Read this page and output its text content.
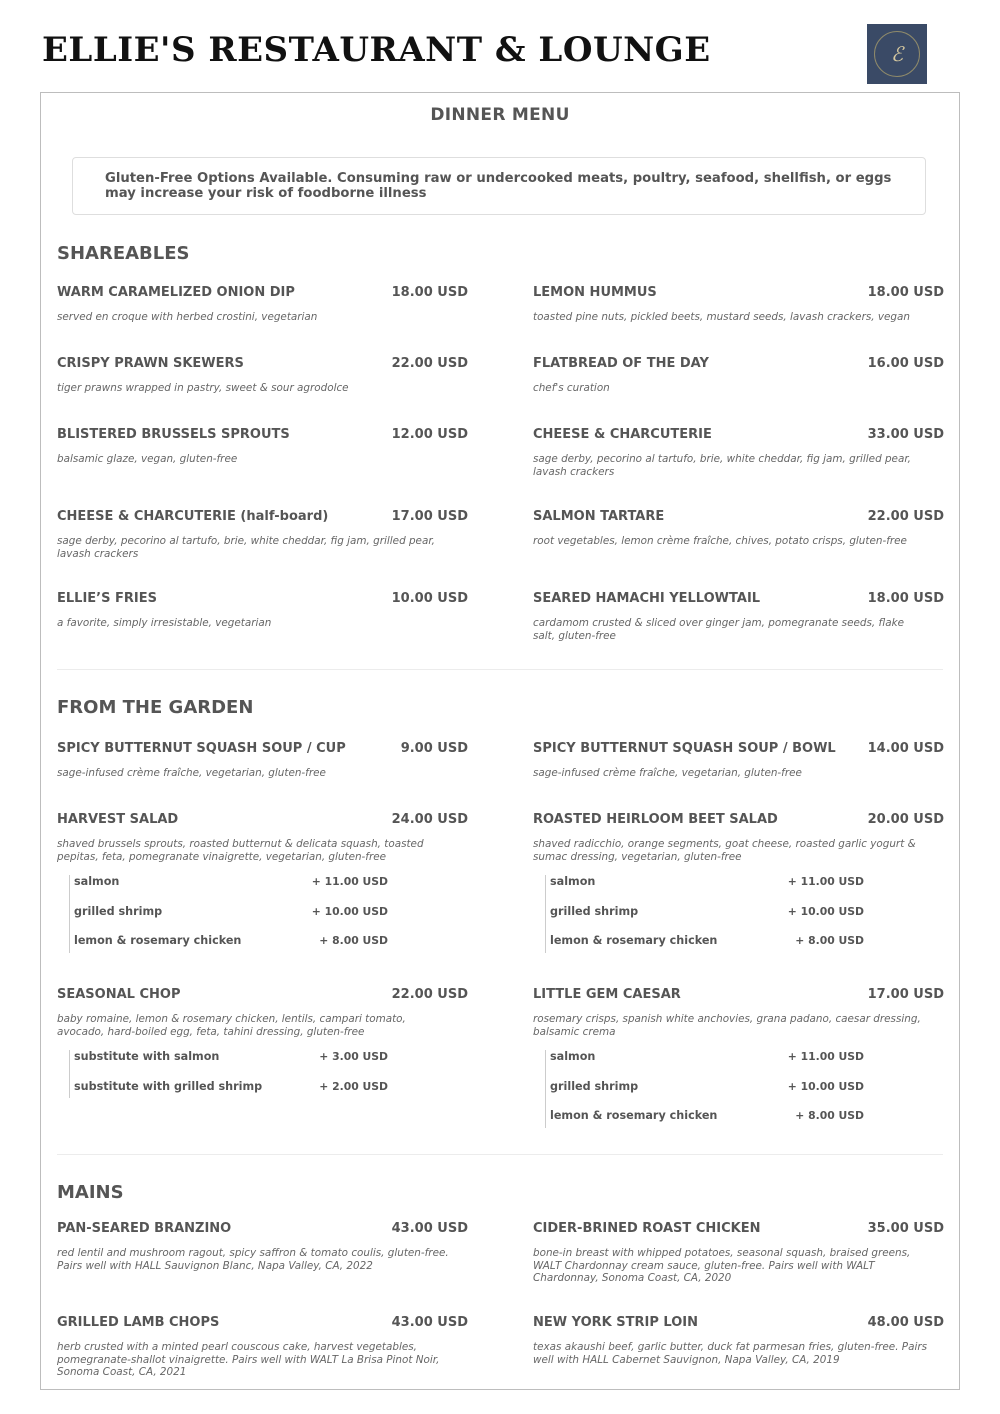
ELLIE'S RESTAURANT & LOUNGE	ℰ
DINNER MENU
Gluten-Free Options Available. Consuming raw or undercooked meats, poultry, seafood, shellfish, or eggs may increase your risk of foodborne illness
SHAREABLES
WARM CARAMELIZED ONION DIP	18.00 USD
served en croque with herbed crostini, vegetarian
CRISPY PRAWN SKEWERS	22.00 USD
tiger prawns wrapped in pastry, sweet & sour agrodolce
BLISTERED BRUSSELS SPROUTS	12.00 USD
balsamic glaze, vegan, gluten-free
CHEESE & CHARCUTERIE (half-board)	17.00 USD
sage derby, pecorino al tartufo, brie, white cheddar, fig jam, grilled pear, lavash crackers
ELLIE’S FRIES	10.00 USD
a favorite, simply irresistable, vegetarian
LEMON HUMMUS	18.00 USD
toasted pine nuts, pickled beets, mustard seeds, lavash crackers, vegan
FLATBREAD OF THE DAY	16.00 USD
chef's curation
CHEESE & CHARCUTERIE	33.00 USD
sage derby, pecorino al tartufo, brie, white cheddar, fig jam, grilled pear, lavash crackers
SALMON TARTARE	22.00 USD
root vegetables, lemon crème fraîche, chives, potato crisps, gluten-free
SEARED HAMACHI YELLOWTAIL	18.00 USD
cardamom crusted & sliced over ginger jam, pomegranate seeds, flake salt, gluten-free
FROM THE GARDEN
SPICY BUTTERNUT SQUASH SOUP / CUP	9.00 USD
sage-infused crème fraîche, vegetarian, gluten-free
HARVEST SALAD	24.00 USD
shaved brussels sprouts, roasted butternut & delicata squash, toasted pepitas, feta, pomegranate vinaigrette, vegetarian, gluten-free
salmon	+ 11.00 USD
grilled shrimp	+ 10.00 USD
lemon & rosemary chicken	+ 8.00 USD
SEASONAL CHOP	22.00 USD
baby romaine, lemon & rosemary chicken, lentils, campari tomato, avocado, hard-boiled egg, feta, tahini dressing, gluten-free
substitute with salmon	+ 3.00 USD
substitute with grilled shrimp	+ 2.00 USD
SPICY BUTTERNUT SQUASH SOUP / BOWL 14.00 USD
sage-infused crème fraîche, vegetarian, gluten-free
ROASTED HEIRLOOM BEET SALAD	20.00 USD
shaved radicchio, orange segments, goat cheese, roasted garlic yogurt & sumac dressing, vegetarian, gluten-free
salmon	+ 11.00 USD
grilled shrimp	+ 10.00 USD
lemon & rosemary chicken	+ 8.00 USD
LITTLE GEM CAESAR	17.00 USD
rosemary crisps, spanish white anchovies, grana padano, caesar dressing, balsamic crema
salmon	+ 11.00 USD
grilled shrimp	+ 10.00 USD
lemon & rosemary chicken	+ 8.00 USD
MAINS
PAN-SEARED BRANZINO	43.00 USD
red lentil and mushroom ragout, spicy saffron & tomato coulis, gluten-free. Pairs well with HALL Sauvignon Blanc, Napa Valley, CA, 2022
GRILLED LAMB CHOPS	43.00 USD
herb crusted with a minted pearl couscous cake, harvest vegetables, pomegranate-shallot vinaigrette. Pairs well with WALT La Brisa Pinot Noir, Sonoma Coast, CA, 2021
CIDER-BRINED ROAST CHICKEN	35.00 USD
bone-in breast with whipped potatoes, seasonal squash, braised greens, WALT Chardonnay cream sauce, gluten-free. Pairs well with WALT Chardonnay, Sonoma Coast, CA, 2020
NEW YORK STRIP LOIN	48.00 USD
texas akaushi beef, garlic butter, duck fat parmesan fries, gluten-free. Pairs well with HALL Cabernet Sauvignon, Napa Valley, CA, 2019
